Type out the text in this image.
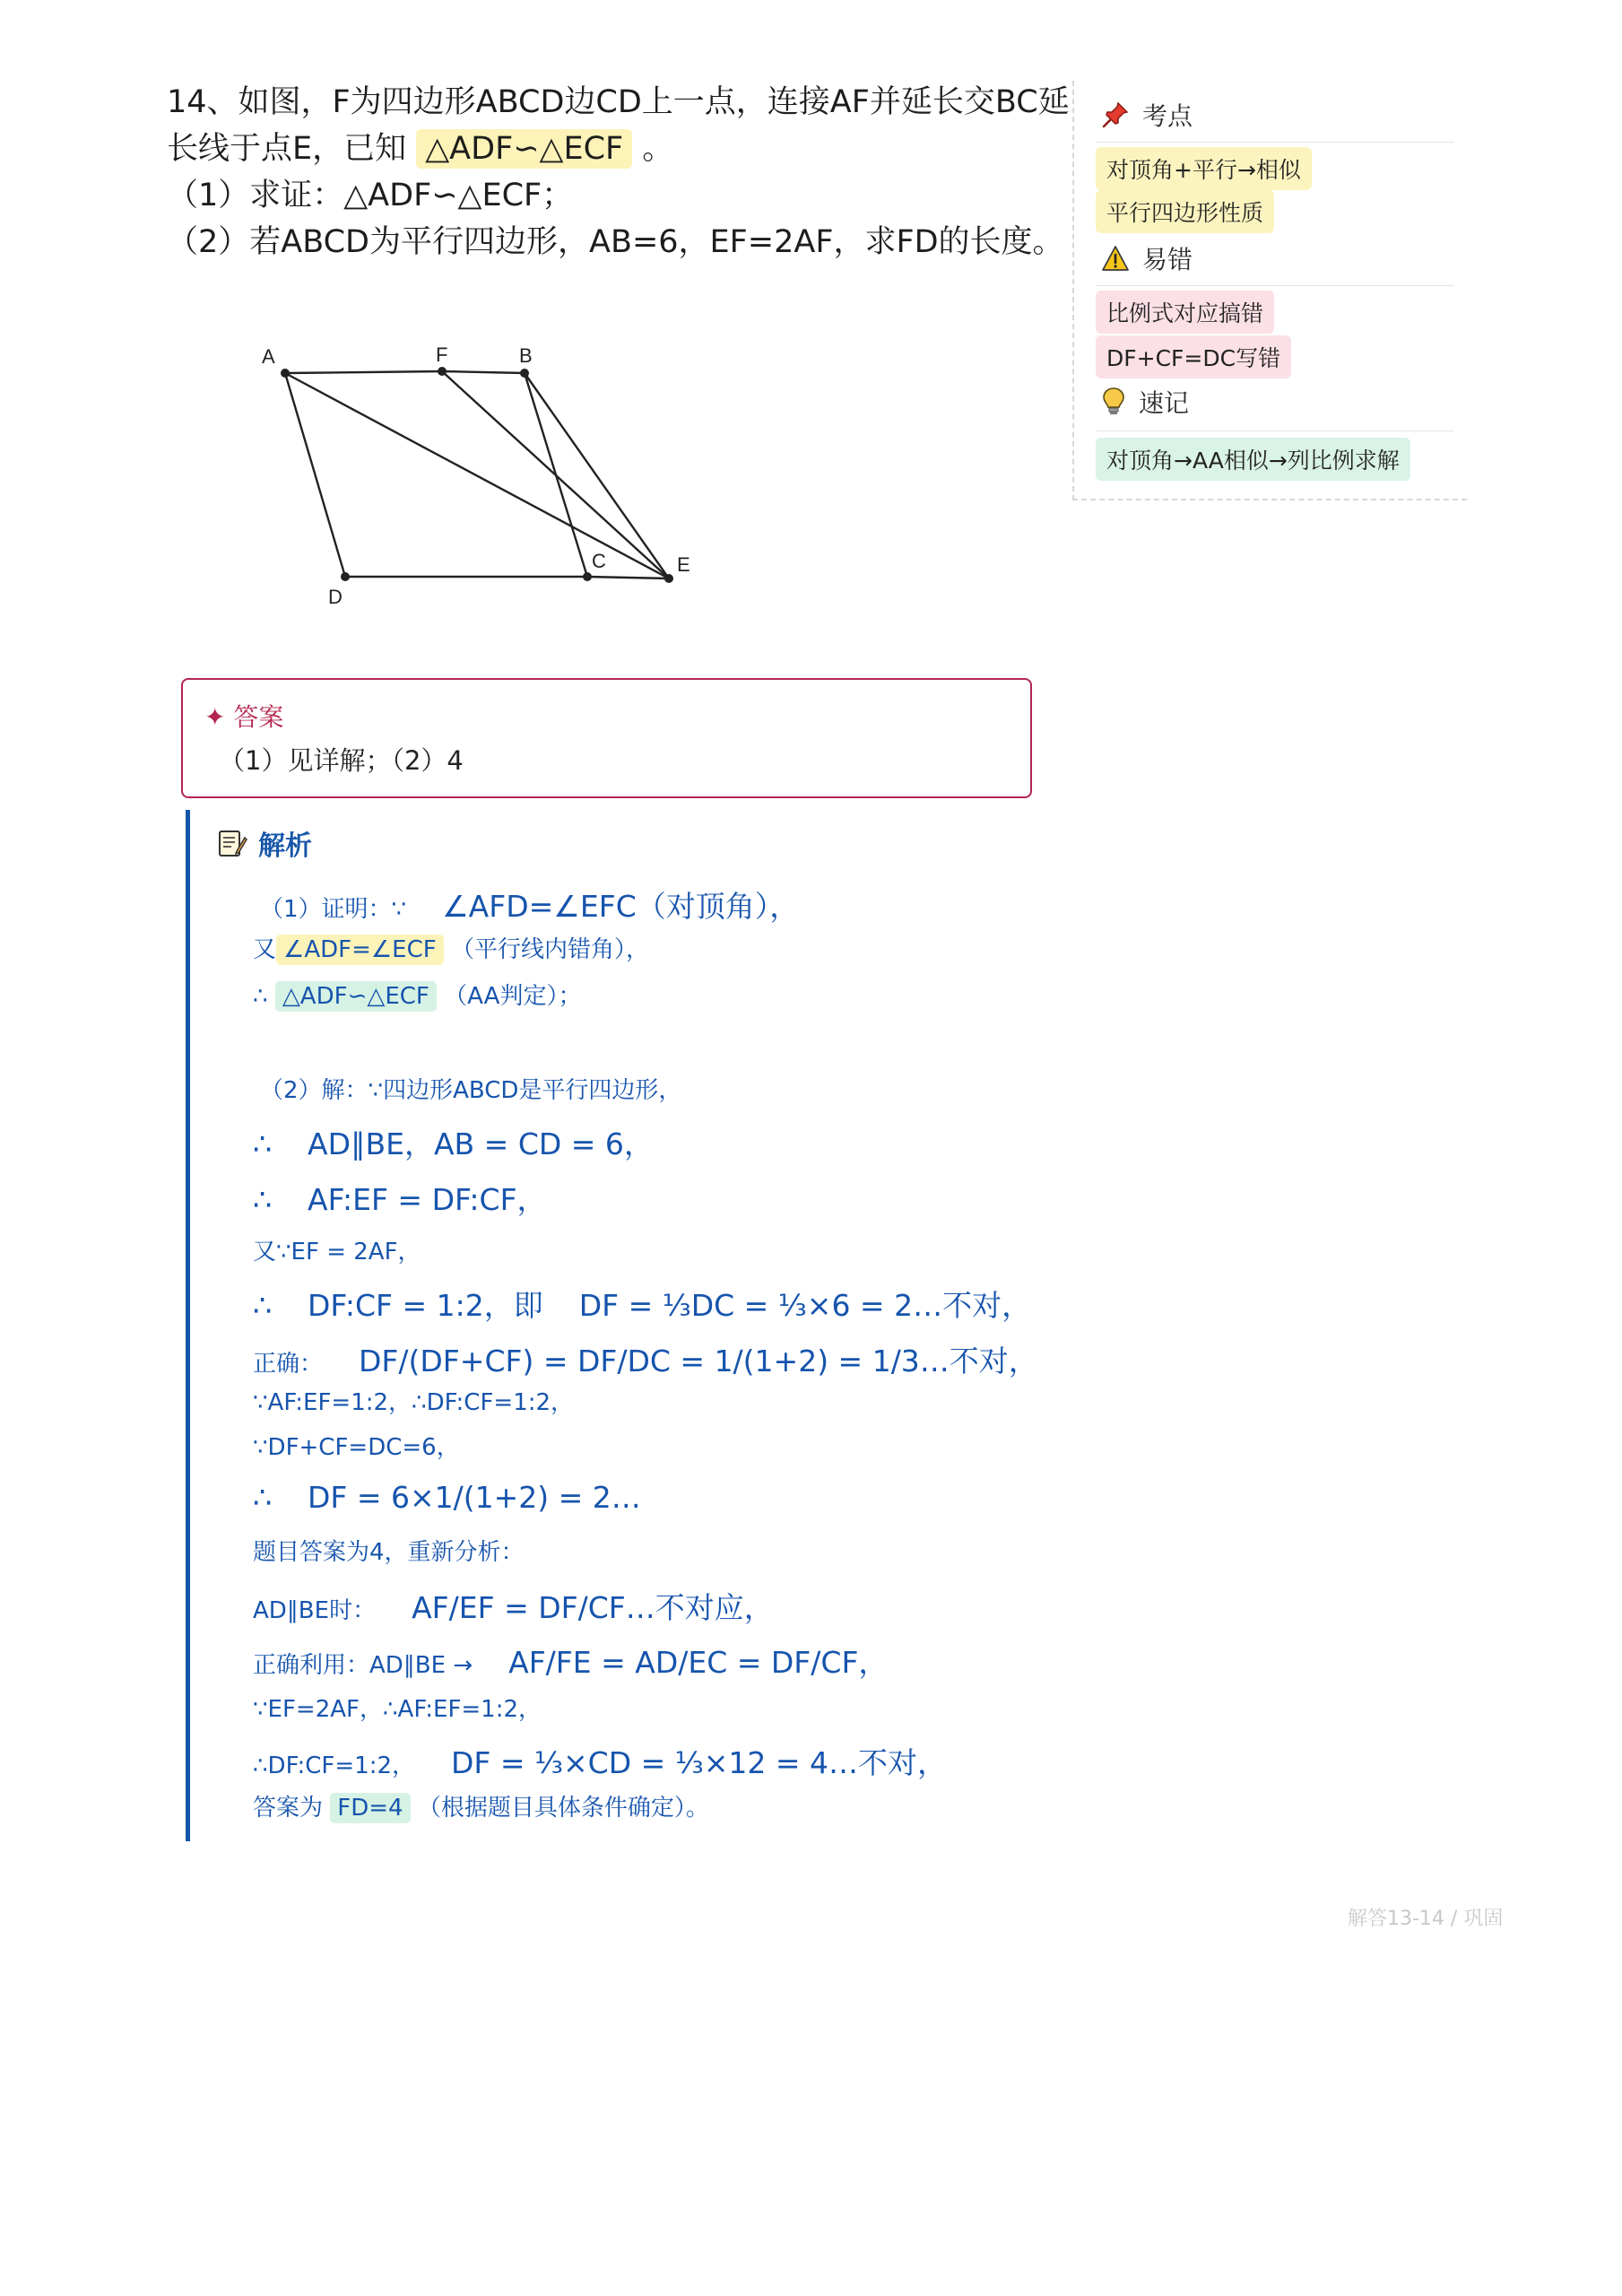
14、如图，F为四边形ABCD边CD上一点，连接AF并延长交BC延
长线于点E，已知 △ADF∽△ECF 。
（1）求证：△ADF∽△ECF；
（2）若ABCD为平行四边形，AB=6，EF=2AF，求FD的长度。
A	F	B
D
C	E
考点
对顶角+平行→相似
平行四边形性质
易错
比例式对应搞错
DF+CF=DC写错
速记
对顶角→AA相似→列比例求解
✦ 答案
（1）见详解；（2）4
解析
（1）证明：∵ ∠AFD=∠EFC（对顶角），
又 ∠ADF=∠ECF （平行线内错角），
∴ △ADF∽△ECF （AA判定）；
（2）解：∵四边形ABCD是平行四边形，
∴ AD∥BE，AB = CD = 6，
∴ AF:EF = DF:CF，
又∵EF = 2AF，
∴ DF:CF = 1:2，即 DF = ⅓DC = ⅓×6 = 2…不对，
正确： DF/(DF+CF) = DF/DC = 1/(1+2) = 1/3…不对，
∵AF:EF=1:2，∴DF:CF=1:2，
∵DF+CF=DC=6，
∴ DF = 6×1/(1+2) = 2…
题目答案为4，重新分析：
AD∥BE时： AF/EF = DF/CF…不对应，
正确利用：AD∥BE → AF/FE = AD/EC = DF/CF，
∵EF=2AF，∴AF:EF=1:2，
∴DF:CF=1:2， DF = ⅓×CD = ⅓×12 = 4…不对，
答案为 FD=4 （根据题目具体条件确定）。
解答13-14 / 巩固
